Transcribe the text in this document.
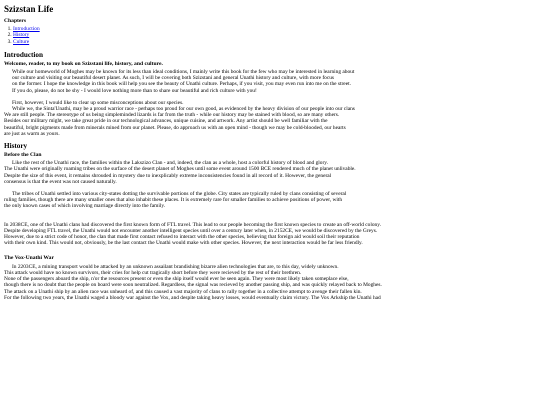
Szizstan Life
Chapters
1. Introduction
2. History
3. Culture
Introduction
Welcome, reader, to my book on Szizstani life, history, and culture.

While our homeworld of Moghes may be known for its less than ideal conditions, I mainly write this book for the few who may be interested in learning about
our culture and visiting our beautiful desert planet. As such, I will be covering both Szizstani and general Unathi history and culture, with more focus
on the former. I hope the knowledge in this book will help you see the beauty of Unathi culture. Perhaps, if you visit, you may even run into me on the street.
If you do, please, do not be shy - I would love nothing more than to share our beautiful and rich culture with you!

First, however, I would like to clear up some misconceptions about our species.
While we, the Sinta'Unathi, may be a proud warrior race - perhaps too proud for our own good, as evidenced by the heavy division of our people into our clans
We are still people. The stereotype of us being simpleminded lizards is far from the truth - while our history may be stained with blood, so are many others.
Besides our military might, we take great pride in our technological advances, unique cuisine, and artwork. Any artist should be well familiar with the
beautiful, bright pigments made from minerals mined from our planet. Please, do approach us with an open mind - though we may be cold-blooded, our hearts
are just as warm as yours.

History
Before the Clan

Like the rest of the Unathi race, the families within the Lakszizo Clan - and, indeed, the clan as a whole, host a colorful history of blood and glory.
The Unathi were originally roaming tribes on the surface of the desert planet of Moghes until some event around 1500 BCE rendered much of the planet unlivable.
Despite the size of this event, it remains shrouded in mystery due to inexplicably extreme inconsistencies found in all record of it. However, the general
consensus is that the event was not caused naturally.

The tribes of Unathi settled into various city-states dotting the survivable portions of the globe. City states are typically ruled by clans consisting of several
ruling families, though there are many smaller ones that also inhabit these places. It is extremely rare for smaller families to achieve positions of power, with
the only known cases of which involving marriage directly into the family.

In 2038CE, one of the Unathi clans had discovered the first known form of FTL travel. This lead to our people becoming the first known species to create an off-world colony.
Despite developing FTL travel, the Unathi would not encounter another intelligent species until over a century later when, in 2152CE, we would be discovered by the Greys.
However, due to a strict code of honor, the clan that made first contact refused to interact with the other species, believing that foreign aid would soil their reputation
with their own kind. This would not, obviously, be the last contact the Unathi would make with other species. However, the next interaction would be far less friendly.

The Vox-Unathi War

In 2203CE, a mining transport would be attacked by an unknown assailant brandishing bizarre alien technologies that are, to this day, widely unknown.
This attack would have no known survivors, their cries for help cut tragically short before they were recieved by the rest of their brethren.
None of the passengers aboard the ship, n'or the resources present or even the ship itself would ever be seen again. They were most likely taken someplace else,
though there is no doubt that the people on board were soon neutralized. Regardless, the signal was recieved by another passing ship, and was quickly relayed back to Moghes.
The attack on a Unathi ship by an alien race was unheard of, and this caused a vast majority of clans to rally together in a collective attempt to avenge their fallen kin.
For the following two years, the Unathi waged a bloody war against the Vox, and despite taking heavy losses, would eventually claim victory. The Vox Arkship the Unathi had
